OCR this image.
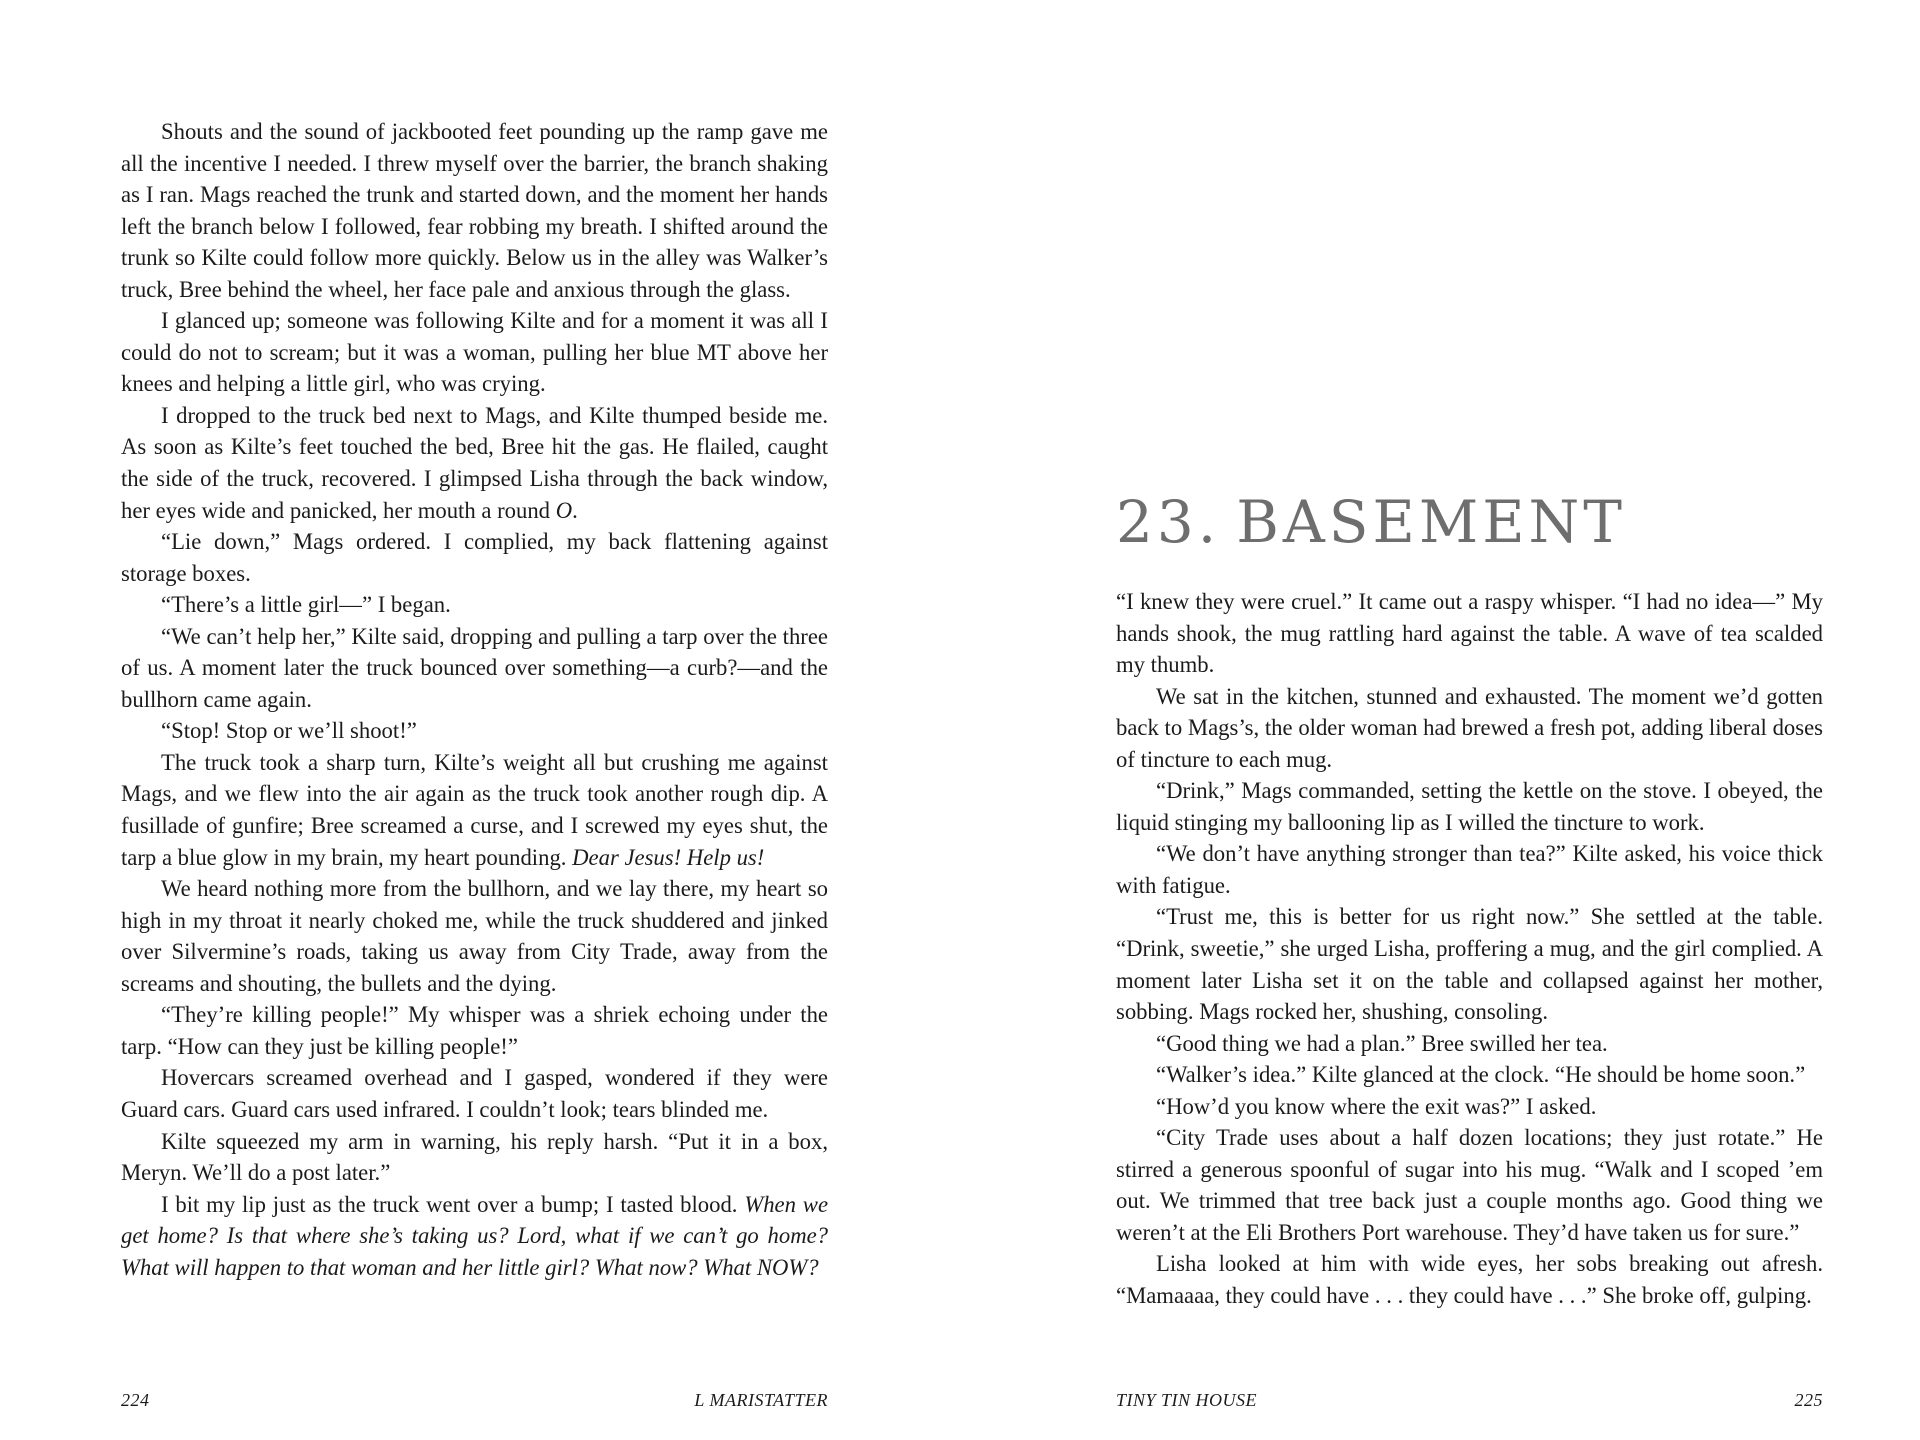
Shouts and the sound of jackbooted feet pounding up the ramp gave me all the incentive I needed. I threw myself over the barrier, the branch shaking as I ran. Mags reached the trunk and started down, and the moment her hands left the branch below I followed, fear robbing my breath. I shifted around the trunk so Kilte could follow more quickly. Below us in the alley was Walker’s truck, Bree behind the wheel, her face pale and anxious through the glass.

I glanced up; someone was following Kilte and for a moment it was all I could do not to scream; but it was a woman, pulling her blue MT above her knees and helping a little girl, who was crying.

I dropped to the truck bed next to Mags, and Kilte thumped beside me. As soon as Kilte’s feet touched the bed, Bree hit the gas. He flailed, caught the side of the truck, recovered. I glimpsed Lisha through the back window, her eyes wide and panicked, her mouth a round O.

“Lie down,” Mags ordered. I complied, my back flattening against storage boxes.

“There’s a little girl—” I began.

“We can’t help her,” Kilte said, dropping and pulling a tarp over the three of us. A moment later the truck bounced over something—a curb?—and the bullhorn came again.

“Stop! Stop or we’ll shoot!”

The truck took a sharp turn, Kilte’s weight all but crushing me against Mags, and we flew into the air again as the truck took another rough dip. A fusillade of gunfire; Bree screamed a curse, and I screwed my eyes shut, the tarp a blue glow in my brain, my heart pounding. Dear Jesus! Help us!

We heard nothing more from the bullhorn, and we lay there, my heart so high in my throat it nearly choked me, while the truck shuddered and jinked over Silvermine’s roads, taking us away from City Trade, away from the screams and shouting, the bullets and the dying.

“They’re killing people!” My whisper was a shriek echoing under the tarp. “How can they just be killing people!”

Hovercars screamed overhead and I gasped, wondered if they were Guard cars. Guard cars used infrared. I couldn’t look; tears blinded me.

Kilte squeezed my arm in warning, his reply harsh. “Put it in a box, Meryn. We’ll do a post later.”

I bit my lip just as the truck went over a bump; I tasted blood. When we get home? Is that where she’s taking us? Lord, what if we can’t go home? What will happen to that woman and her little girl? What now? What NOW?

224	L MARISTATTER
23. BASEMENT

“I knew they were cruel.” It came out a raspy whisper. “I had no idea—” My hands shook, the mug rattling hard against the table. A wave of tea scalded my thumb.

We sat in the kitchen, stunned and exhausted. The moment we’d gotten back to Mags’s, the older woman had brewed a fresh pot, adding liberal doses of tincture to each mug.

“Drink,” Mags commanded, setting the kettle on the stove. I obeyed, the liquid stinging my ballooning lip as I willed the tincture to work.

“We don’t have anything stronger than tea?” Kilte asked, his voice thick with fatigue.

“Trust me, this is better for us right now.” She settled at the table. “Drink, sweetie,” she urged Lisha, proffering a mug, and the girl complied. A moment later Lisha set it on the table and collapsed against her mother, sobbing. Mags rocked her, shushing, consoling.

“Good thing we had a plan.” Bree swilled her tea.

“Walker’s idea.” Kilte glanced at the clock. “He should be home soon.”

“How’d you know where the exit was?” I asked.

“City Trade uses about a half dozen locations; they just rotate.” He stirred a generous spoonful of sugar into his mug. “Walk and I scoped ’em out. We trimmed that tree back just a couple months ago. Good thing we weren’t at the Eli Brothers Port warehouse. They’d have taken us for sure.”

Lisha looked at him with wide eyes, her sobs breaking out afresh. “Mamaaaa, they could have . . . they could have . . .” She broke off, gulping.

TINY TIN HOUSE	225
